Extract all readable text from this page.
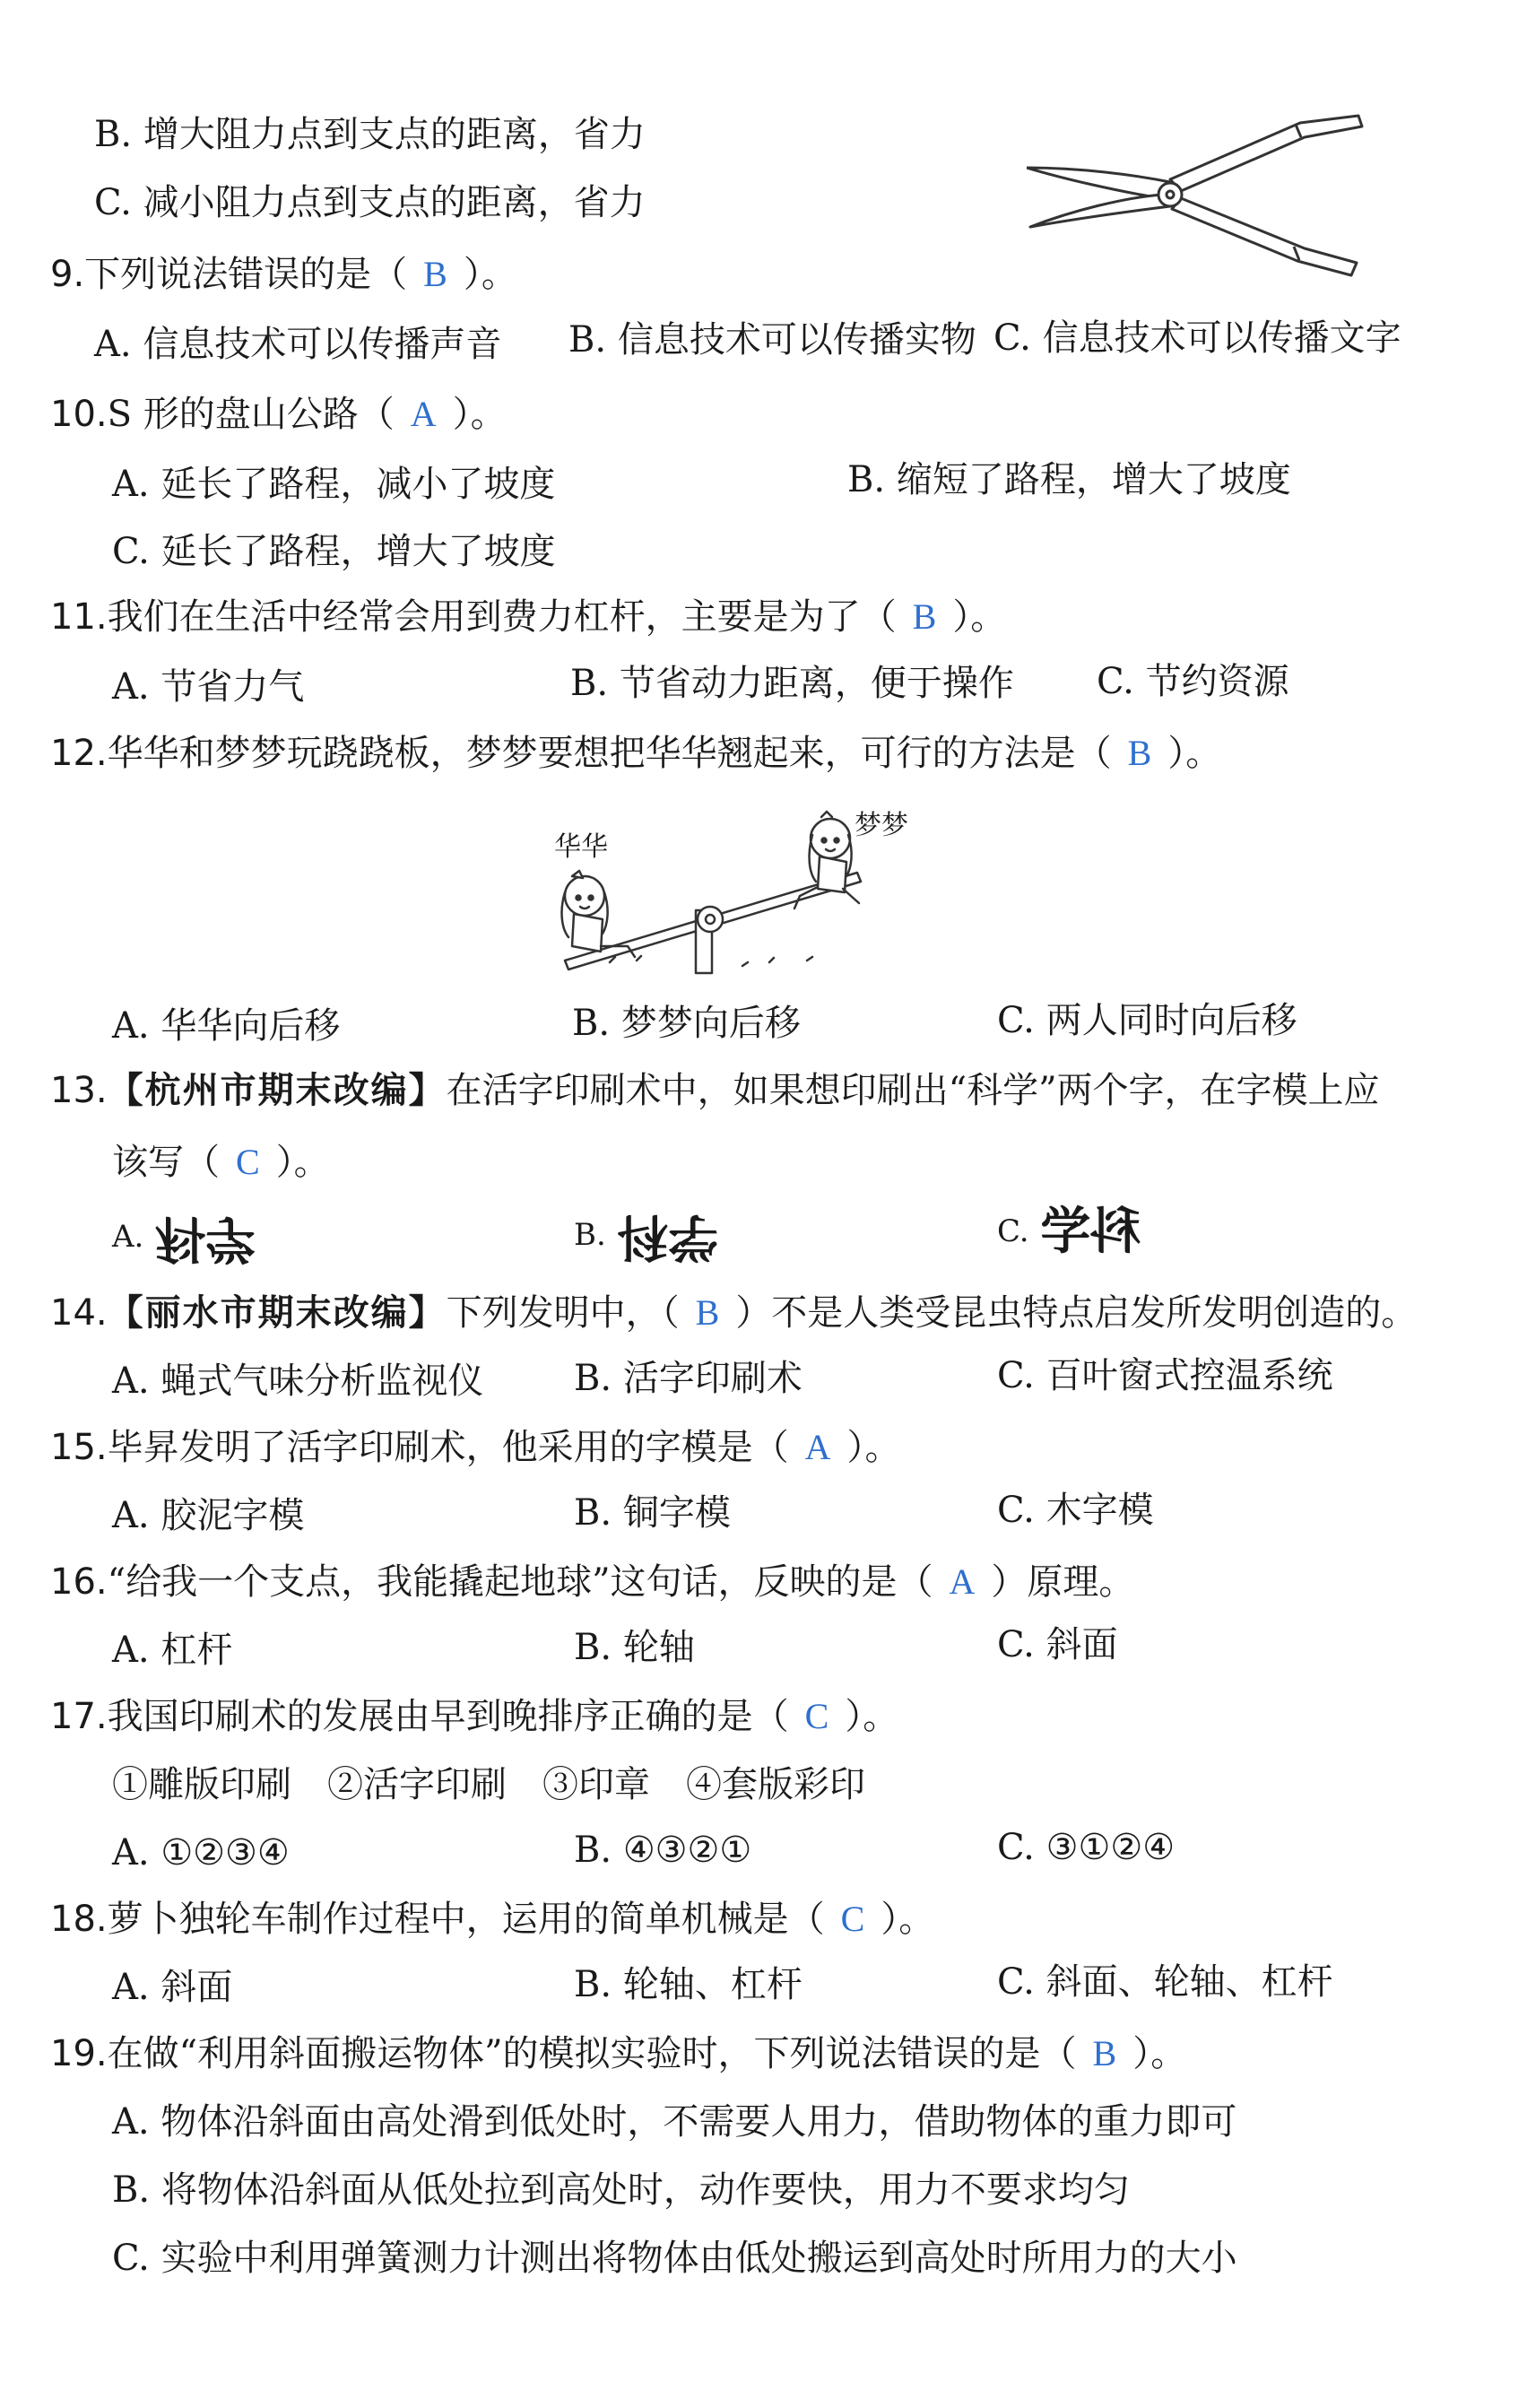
B. 增大阻力点到支点的距离，省力
C. 减小阻力点到支点的距离，省力
9.下列说法错误的是（ B ）。
A. 信息技术可以传播声音 B. 信息技术可以传播实物 C. 信息技术可以传播文字
10.S 形的盘山公路（ A ）。
A. 延长了路程，减小了坡度	B. 缩短了路程，增大了坡度
C. 延长了路程，增大了坡度
11.我们在生活中经常会用到费力杠杆，主要是为了（ B ）。
A. 节省力气	B. 节省动力距离，便于操作 C. 节约资源
12.华华和梦梦玩跷跷板，梦梦要想把华华翘起来，可行的方法是（ B ）。
华华
梦梦
A. 华华向后移	B. 梦梦向后移	C. 两人同时向后移
13.【杭州市期末改编】在活字印刷术中，如果想印刷出“科学”两个字，在字模上应
该写（ C ）。
A. 学科	B. 学科	C. 学科
14.【丽水市期末改编】下列发明中，（ B ）不是人类受昆虫特点启发所发明创造的。
A. 蝇式气味分析监视仪	B. 活字印刷术	C. 百叶窗式控温系统
15.毕昇发明了活字印刷术，他采用的字模是（ A ）。
A. 胶泥字模	B. 铜字模	C. 木字模
16.“给我一个支点，我能撬起地球”这句话，反映的是（ A ）原理。
A. 杠杆	B. 轮轴	C. 斜面
17.我国印刷术的发展由早到晚排序正确的是（ C ）。
①雕版印刷　②活字印刷　③印章　④套版彩印
A. ①②③④	B. ④③②①	C. ③①②④
18.萝卜独轮车制作过程中，运用的简单机械是（ C ）。
A. 斜面	B. 轮轴、杠杆	C. 斜面、轮轴、杠杆
19.在做“利用斜面搬运物体”的模拟实验时，下列说法错误的是（ B ）。
A. 物体沿斜面由高处滑到低处时，不需要人用力，借助物体的重力即可
B. 将物体沿斜面从低处拉到高处时，动作要快，用力不要求均匀
C. 实验中利用弹簧测力计测出将物体由低处搬运到高处时所用力的大小
